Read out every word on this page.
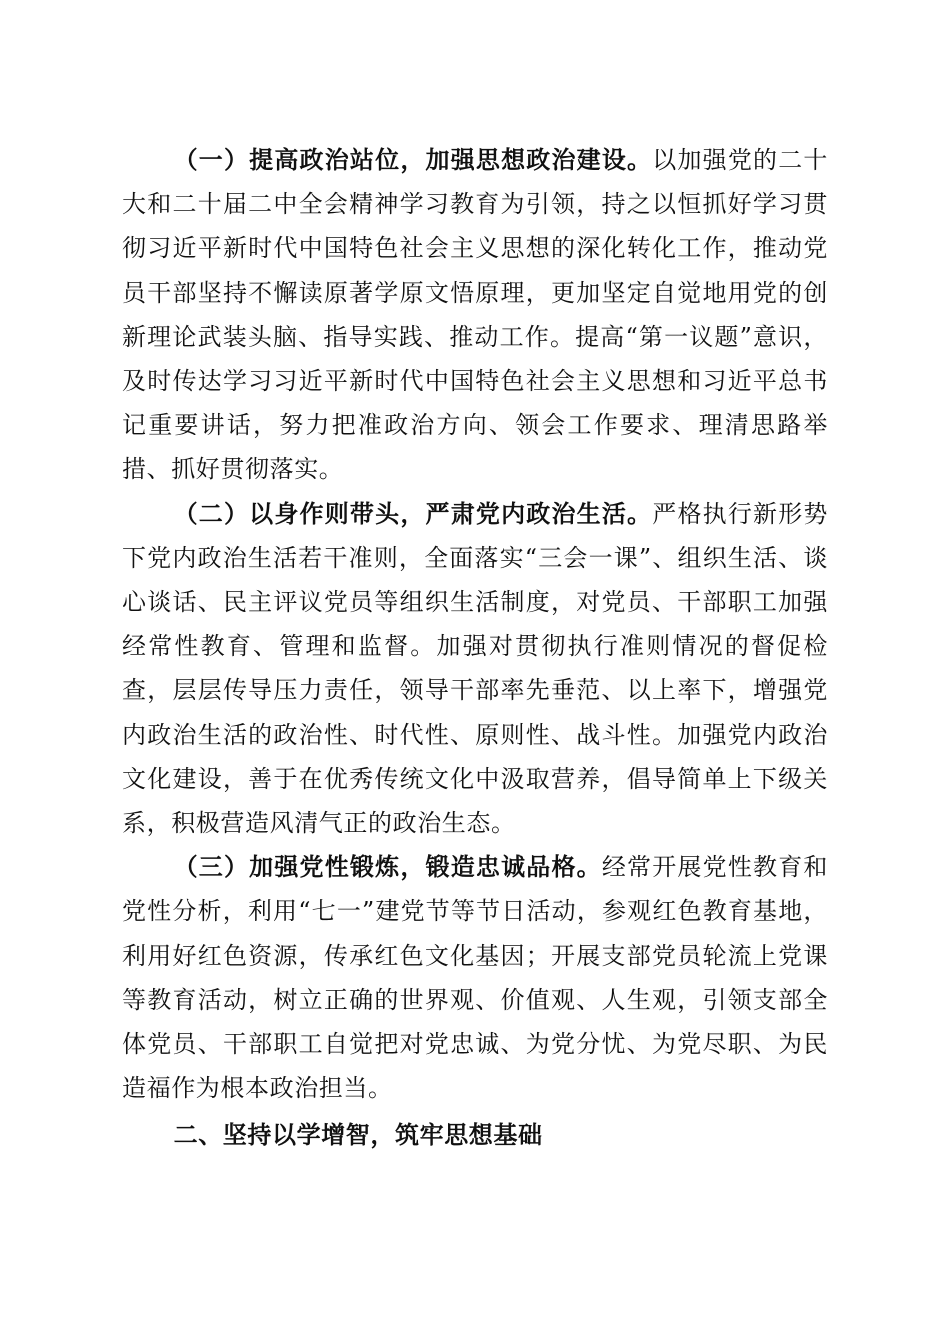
（一）提高政治站位，加强思想政治建设。以加强党的二十大和二十届二中全会精神学习教育为引领，持之以恒抓好学习贯彻习近平新时代中国特色社会主义思想的深化转化工作，推动党员干部坚持不懈读原著学原文悟原理，更加坚定自觉地用党的创新理论武装头脑、指导实践、推动工作。提高“第一议题”意识，及时传达学习习近平新时代中国特色社会主义思想和习近平总书记重要讲话，努力把准政治方向、领会工作要求、理清思路举措、抓好贯彻落实。

（二）以身作则带头，严肃党内政治生活。严格执行新形势下党内政治生活若干准则，全面落实“三会一课”、组织生活、谈心谈话、民主评议党员等组织生活制度，对党员、干部职工加强经常性教育、管理和监督。加强对贯彻执行准则情况的督促检查，层层传导压力责任，领导干部率先垂范、以上率下，增强党内政治生活的政治性、时代性、原则性、战斗性。加强党内政治文化建设，善于在优秀传统文化中汲取营养，倡导简单上下级关系，积极营造风清气正的政治生态。

（三）加强党性锻炼，锻造忠诚品格。经常开展党性教育和党性分析，利用“七一”建党节等节日活动，参观红色教育基地，利用好红色资源，传承红色文化基因；开展支部党员轮流上党课等教育活动，树立正确的世界观、价值观、人生观，引领支部全体党员、干部职工自觉把对党忠诚、为党分忧、为党尽职、为民造福作为根本政治担当。

二、坚持以学增智，筑牢思想基础
